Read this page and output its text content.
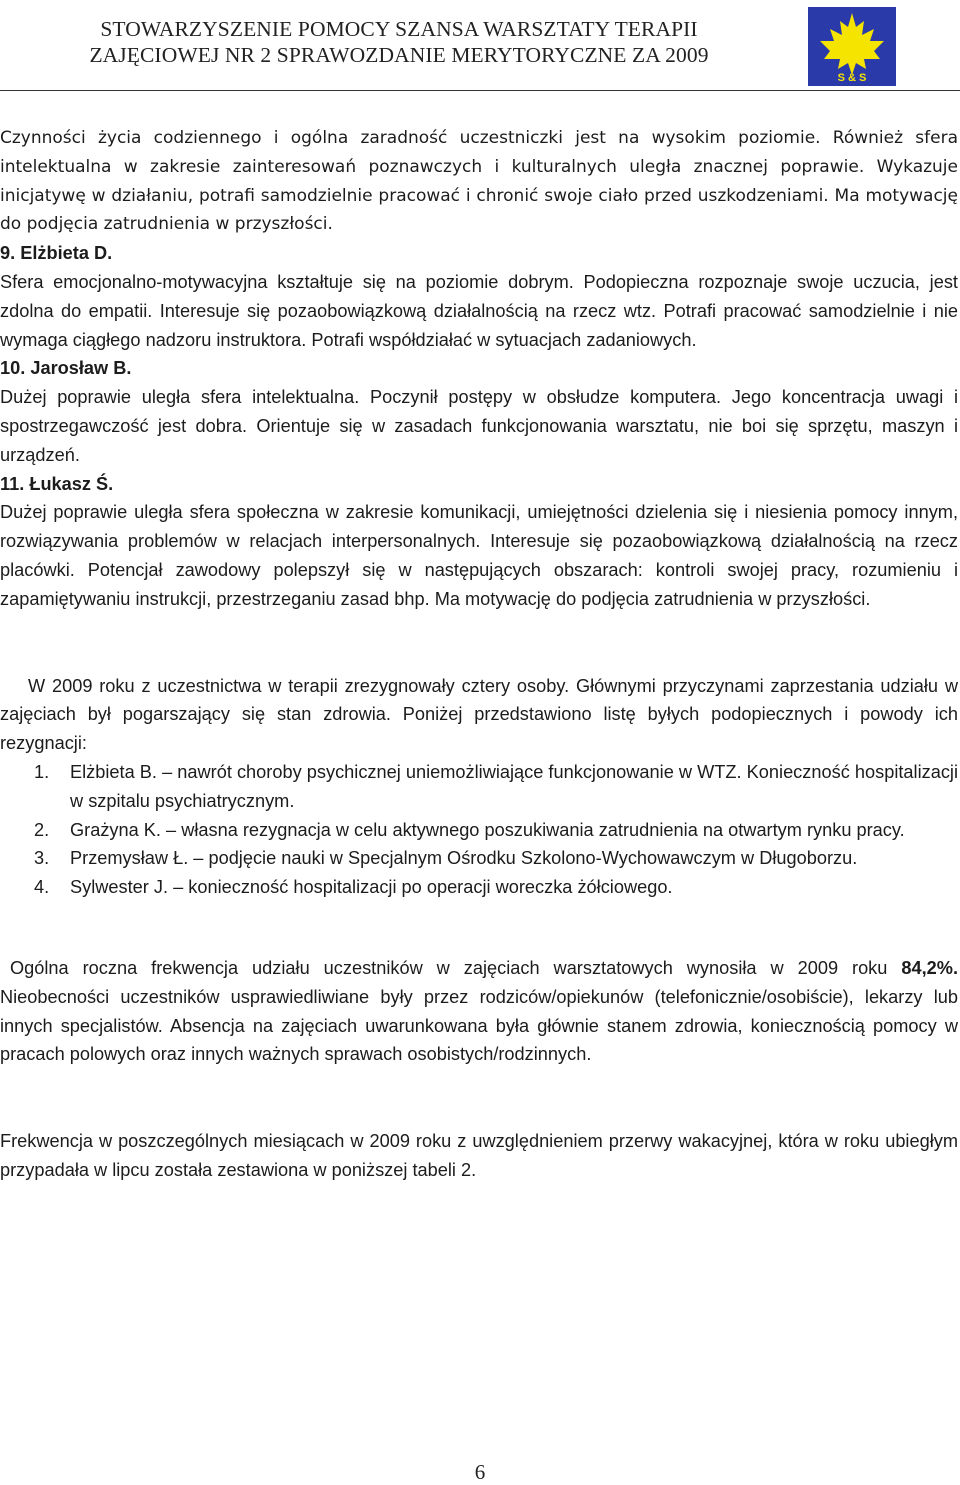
STOWARZYSZENIE POMOCY SZANSA WARSZTATY TERAPII
ZAJĘCIOWEJ NR 2 SPRAWOZDANIE MERYTORYCZNE ZA 2009
S & S

Czynności życia codziennego i ogólna zaradność uczestniczki jest na wysokim poziomie. Również sfera intelektualna w zakresie zainteresowań poznawczych i kulturalnych uległa znacznej poprawie. Wykazuje inicjatywę w działaniu, potrafi samodzielnie pracować i chronić swoje ciało przed uszkodzeniami. Ma motywację do podjęcia zatrudnienia w przyszłości.

9. Elżbieta D.

Sfera emocjonalno-motywacyjna kształtuje się na poziomie dobrym. Podopieczna rozpoznaje swoje uczucia, jest zdolna do empatii. Interesuje się pozaobowiązkową działalnością na rzecz wtz. Potrafi pracować samodzielnie i nie wymaga ciągłego nadzoru instruktora. Potrafi współdziałać w sytuacjach zadaniowych.

10. Jarosław B.

Dużej poprawie uległa sfera intelektualna. Poczynił postępy w obsłudze komputera. Jego koncentracja uwagi i spostrzegawczość jest dobra. Orientuje się w zasadach funkcjonowania warsztatu, nie boi się sprzętu, maszyn i urządzeń.

11. Łukasz Ś.

Dużej poprawie uległa sfera społeczna w zakresie komunikacji, umiejętności dzielenia się i niesienia pomocy innym, rozwiązywania problemów w relacjach interpersonalnych. Interesuje się pozaobowiązkową działalnością na rzecz placówki. Potencjał zawodowy polepszył się w następujących obszarach: kontroli swojej pracy, rozumieniu i zapamiętywaniu instrukcji, przestrzeganiu zasad bhp. Ma motywację do podjęcia zatrudnienia w przyszłości.

W 2009 roku z uczestnictwa w terapii zrezygnowały cztery osoby. Głównymi przyczynami zaprzestania udziału w zajęciach był pogarszający się stan zdrowia. Poniżej przedstawiono listę byłych podopiecznych i powody ich rezygnacji:

1. Elżbieta B. – nawrót choroby psychicznej uniemożliwiające funkcjonowanie w WTZ. Konieczność hospitalizacji w szpitalu psychiatrycznym.
2. Grażyna K. – własna rezygnacja w celu aktywnego poszukiwania zatrudnienia na otwartym rynku pracy.
3. Przemysław Ł. – podjęcie nauki w Specjalnym Ośrodku Szkolono-Wychowawczym w Długoborzu.
4. Sylwester J. – konieczność hospitalizacji po operacji woreczka żółciowego.

Ogólna roczna frekwencja udziału uczestników w zajęciach warsztatowych wynosiła w 2009 roku 84,2%. Nieobecności uczestników usprawiedliwiane były przez rodziców/opiekunów (telefonicznie/osobiście), lekarzy lub innych specjalistów. Absencja na zajęciach uwarunkowana była głównie stanem zdrowia, koniecznością pomocy w pracach polowych oraz innych ważnych sprawach osobistych/rodzinnych.

Frekwencja w poszczególnych miesiącach w 2009 roku z uwzględnieniem przerwy wakacyjnej, która w roku ubiegłym przypadała w lipcu została zestawiona w poniższej tabeli 2.

6
